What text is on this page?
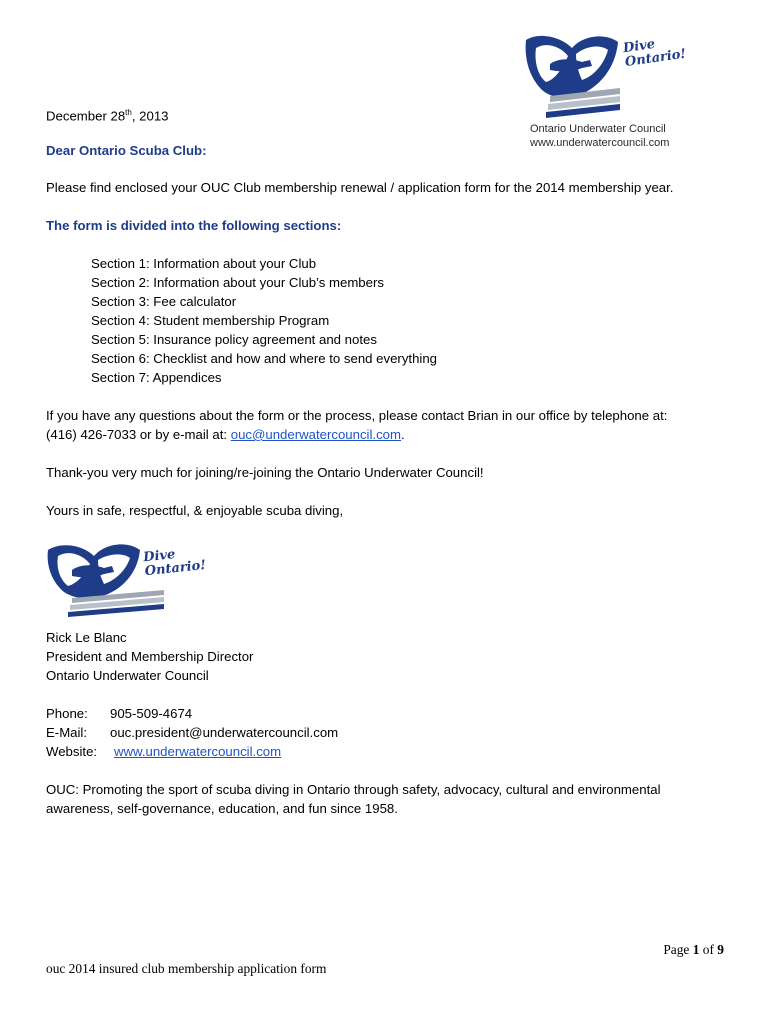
Dive Ontario!
Ontario Underwater Council
www.underwatercouncil.com
December 28th, 2013
Dear Ontario Scuba Club:
Please find enclosed your OUC Club membership renewal / application form for the 2014 membership year.
The form is divided into the following sections:
Section 1: Information about your Club
Section 2: Information about your Club’s members
Section 3: Fee calculator
Section 4: Student membership Program
Section 5: Insurance policy agreement and notes
Section 6: Checklist and how and where to send everything
Section 7: Appendices
If you have any questions about the form or the process, please contact Brian in our office by telephone at:
(416) 426-7033 or by e-mail at: ouc@underwatercouncil.com.
Thank-you very much for joining/re-joining the Ontario Underwater Council!
Yours in safe, respectful, & enjoyable scuba diving,
Dive Ontario!
Rick Le Blanc
President and Membership Director
Ontario Underwater Council
Phone: 905-509-4674
E-Mail: ouc.president@underwatercouncil.com
Website: www.underwatercouncil.com
OUC: Promoting the sport of scuba diving in Ontario through safety, advocacy, cultural and environmental
awareness, self-governance, education, and fun since 1958.
Page 1 of 9
ouc 2014 insured club membership application form
